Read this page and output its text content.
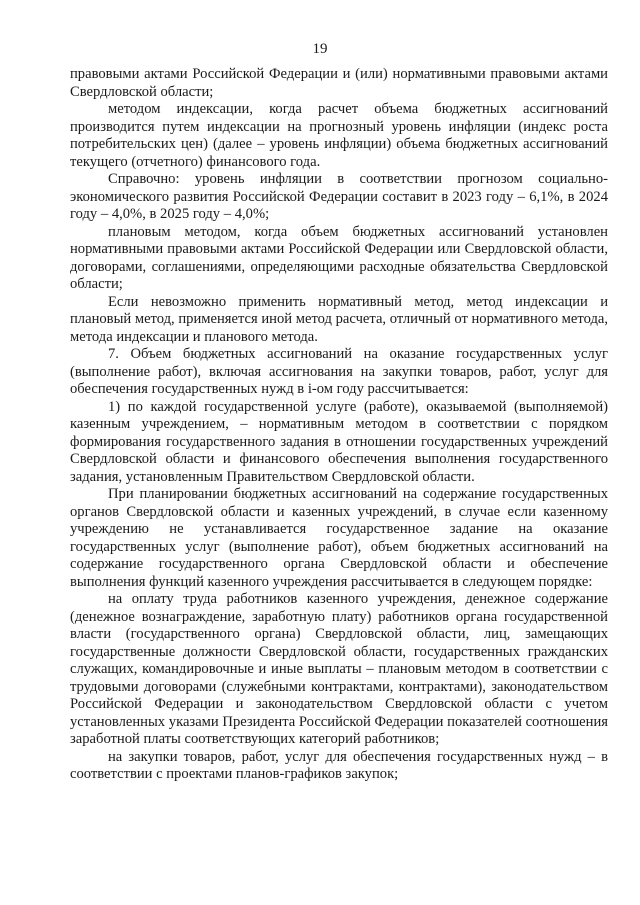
19

правовыми актами Российской Федерации и (или) нормативными правовыми актами Свердловской области;

методом индексации, когда расчет объема бюджетных ассигнований производится путем индексации на прогнозный уровень инфляции (индекс роста потребительских цен) (далее – уровень инфляции) объема бюджетных ассигнований текущего (отчетного) финансового года.

Справочно: уровень инфляции в соответствии прогнозом социально-экономического развития Российской Федерации составит в 2023 году – 6,1%, в 2024 году – 4,0%, в 2025 году – 4,0%;

плановым методом, когда объем бюджетных ассигнований установлен нормативными правовыми актами Российской Федерации или Свердловской области, договорами, соглашениями, определяющими расходные обязательства Свердловской области;

Если невозможно применить нормативный метод, метод индексации и плановый метод, применяется иной метод расчета, отличный от нормативного метода, метода индексации и планового метода.

7. Объем бюджетных ассигнований на оказание государственных услуг (выполнение работ), включая ассигнования на закупки товаров, работ, услуг для обеспечения государственных нужд в i-ом году рассчитывается:

1) по каждой государственной услуге (работе), оказываемой (выполняемой) казенным учреждением, – нормативным методом в соответствии с порядком формирования государственного задания в отношении государственных учреждений Свердловской области и финансового обеспечения выполнения государственного задания, установленным Правительством Свердловской области.

При планировании бюджетных ассигнований на содержание государственных органов Свердловской области и казенных учреждений, в случае если казенному учреждению не устанавливается государственное задание на оказание государственных услуг (выполнение работ), объем бюджетных ассигнований на содержание государственного органа Свердловской области и обеспечение выполнения функций казенного учреждения рассчитывается в следующем порядке:

на оплату труда работников казенного учреждения, денежное содержание (денежное вознаграждение, заработную плату) работников органа государственной власти (государственного органа) Свердловской области, лиц, замещающих государственные должности Свердловской области, государственных гражданских служащих, командировочные и иные выплаты – плановым методом в соответствии с трудовыми договорами (служебными контрактами, контрактами), законодательством Российской Федерации и законодательством Свердловской области с учетом установленных указами Президента Российской Федерации показателей соотношения заработной платы соответствующих категорий работников;

на закупки товаров, работ, услуг для обеспечения государственных нужд – в соответствии с проектами планов-графиков закупок;
